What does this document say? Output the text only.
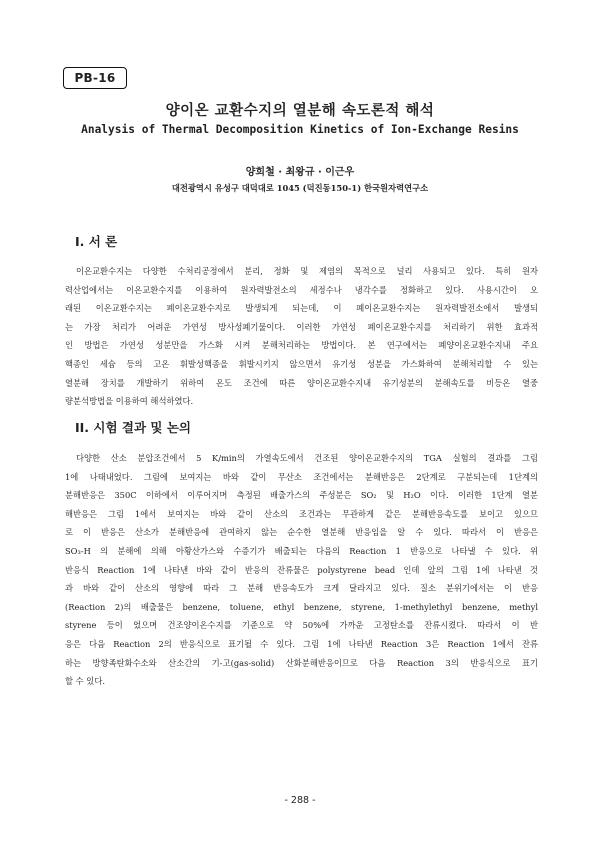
PB-16
양이온 교환수지의 열분해 속도론적 해석
Analysis of Thermal Decomposition Kinetics of Ion-Exchange Resins
양희철 · 최왕규 · 이근우
대전광역시 유성구 대덕대로 1045 (덕진동150-1) 한국원자력연구소
I. 서 론
이온교환수지는 다양한 수처리공정에서 분리, 정화 및 제염의 목적으로 널리 사용되고 있다. 특히 원자
력산업에서는 이온교환수지를 이용하여 원자력발전소의 세정수나 냉각수를 정화하고 있다. 사용시간이 오
래된 이온교환수지는 폐이온교환수지로 발생되게 되는데, 이 폐이온교환수지는 원자력발전소에서 발생되
는 가장 처리가 어려운 가연성 방사성폐기물이다. 이러한 가연성 폐이온교환수지를 처리하기 위한 효과적
인 방법은 가연성 성분만을 가스화 시켜 분해처리하는 방법이다. 본 연구에서는 폐양이온교환수지내 주요
핵종인 세슘 등의 고온 휘발성핵종을 휘발시키지 않으면서 유기성 성분을 가스화하여 분해처리할 수 있는
열분해 장치를 개발하기 위하여 온도 조건에 따른 양이온교환수지내 유기성분의 분해속도를 비등온 열중
량분석방법을 이용하여 해석하였다.
II. 시험 결과 및 논의
다양한 산소 분압조건에서 5 K/min의 가열속도에서 건조된 양이온교환수지의 TGA 실험의 결과를 그림
1에 나태내었다. 그림에 보여지는 바와 같이 무산소 조건에서는 분해반응은 2단계로 구분되는데 1단계의
분해반응은 350C 이하에서 이루어지며 측정된 배출가스의 주성분은 SO₂ 및 H₂O 이다. 이러한 1단계 열분
해반응은 그림 1에서 보여지는 바와 같이 산소의 조건과는 무관하게 같은 분해반응속도를 보이고 있으므
로 이 반응은 산소가 분해반응에 관여하지 않는 순수한 열분해 반응임을 알 수 있다. 따라서 이 반응은
SO₃-H 의 분해에 의해 아황산가스와 수증기가 배출되는 다음의 Reaction 1 반응으로 나타낼 수 있다. 위
반응식 Reaction 1에 나타낸 바와 같이 반응의 잔류물은 polystyrene bead 인데 앞의 그림 1에 나타낸 것
과 바와 같이 산소의 영향에 따라 그 분해 반응속도가 크게 달라지고 있다. 질소 분위기에서는 이 반응
(Reaction 2)의 배출물은 benzene, toluene, ethyl benzene, styrene, 1-methylethyl benzene, methyl
styrene 등이 었으며 건조양이온수지를 기준으로 약 50%에 가까운 고정탄소를 잔류시켰다. 따라서 이 반
응은 다음 Reaction 2의 반응식으로 표기될 수 있다. 그림 1에 나타낸 Reaction 3은 Reaction 1에서 잔류
하는 방향족탄화수소와 산소간의 기-고(gas-solid) 산화분해반응이므로 다음 Reaction 3의 반응식으로 표기
할 수 있다.
- 288 -
